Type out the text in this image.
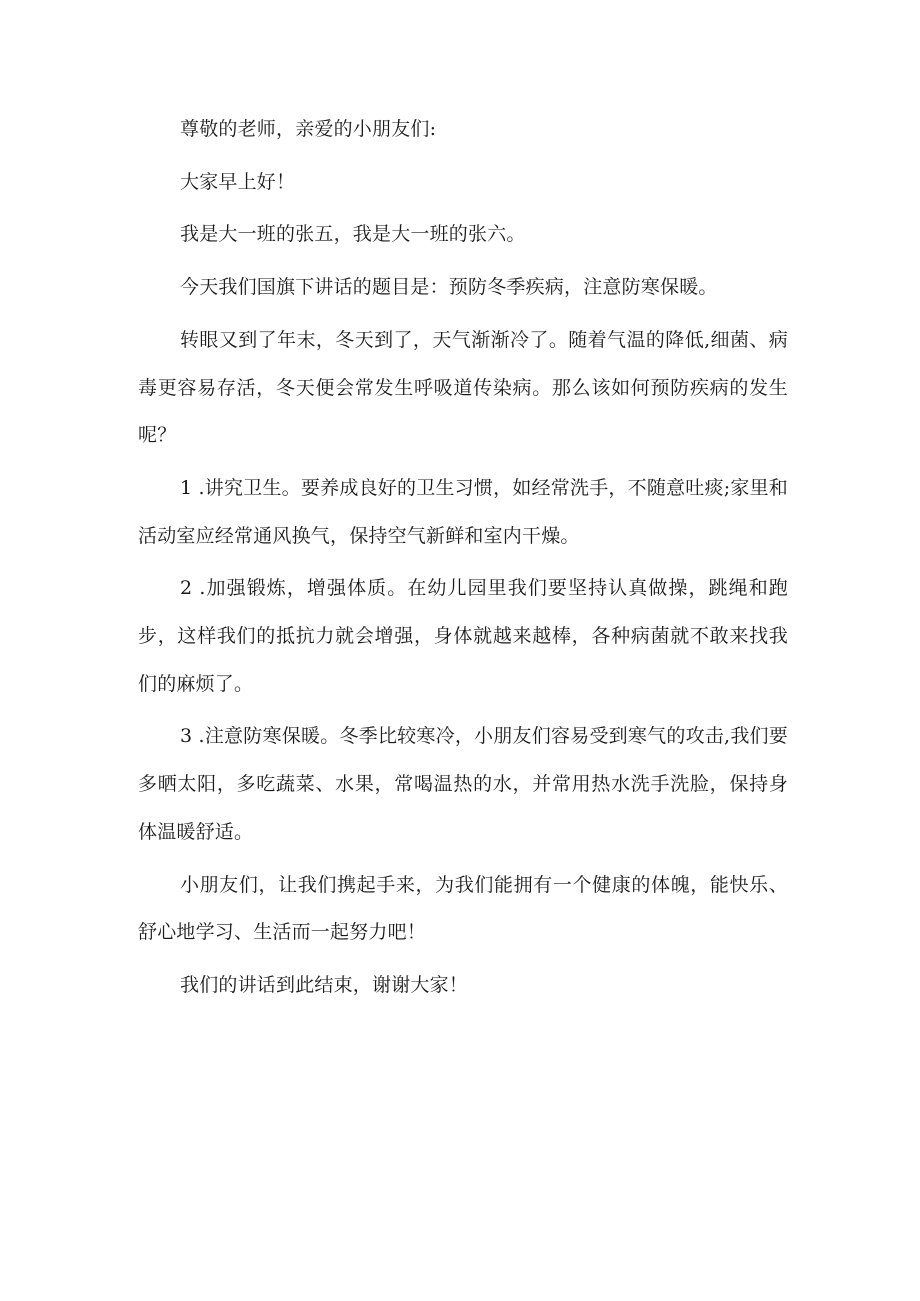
尊敬的老师，亲爱的小朋友们:

大家早上好！

我是大一班的张五，我是大一班的张六。

今天我们国旗下讲话的题目是：预防冬季疾病，注意防寒保暖。

转眼又到了年末，冬天到了，天气渐渐冷了。随着气温的降低,细菌、病毒更容易存活，冬天便会常发生呼吸道传染病。那么该如何预防疾病的发生呢？

1 .讲究卫生。要养成良好的卫生习惯，如经常洗手，不随意吐痰;家里和活动室应经常通风换气，保持空气新鲜和室内干燥。

2 .加强锻炼，增强体质。在幼儿园里我们要坚持认真做操，跳绳和跑步，这样我们的抵抗力就会增强，身体就越来越棒，各种病菌就不敢来找我们的麻烦了。

3 .注意防寒保暖。冬季比较寒冷，小朋友们容易受到寒气的攻击,我们要多晒太阳，多吃蔬菜、水果，常喝温热的水，并常用热水洗手洗脸，保持身体温暖舒适。

小朋友们，让我们携起手来，为我们能拥有一个健康的体魄，能快乐、舒心地学习、生活而一起努力吧！

我们的讲话到此结束，谢谢大家！
